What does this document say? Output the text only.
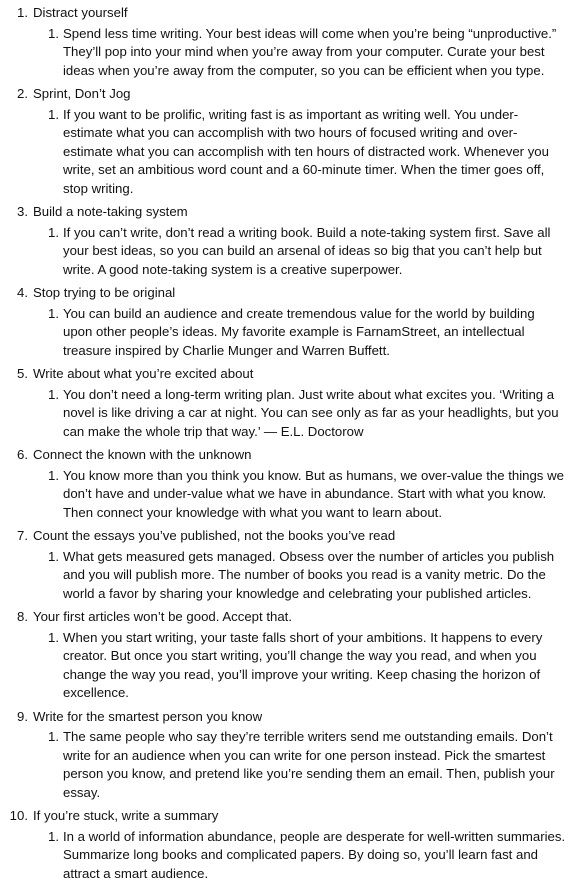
1. Distract yourself
1. Spend less time writing. Your best ideas will come when you’re being “unproductive.” They’ll pop into your mind when you’re away from your computer. Curate your best ideas when you’re away from the computer, so you can be efficient when you type.
2. Sprint, Don’t Jog
1. If you want to be prolific, writing fast is as important as writing well. You under-estimate what you can accomplish with two hours of focused writing and over-estimate what you can accomplish with ten hours of distracted work. Whenever you write, set an ambitious word count and a 60-minute timer. When the timer goes off, stop writing.
3. Build a note-taking system
1. If you can’t write, don’t read a writing book. Build a note-taking system first. Save all your best ideas, so you can build an arsenal of ideas so big that you can’t help but write. A good note-taking system is a creative superpower.
4. Stop trying to be original
1. You can build an audience and create tremendous value for the world by building upon other people’s ideas. My favorite example is FarnamStreet, an intellectual treasure inspired by Charlie Munger and Warren Buffett.
5. Write about what you’re excited about
1. You don’t need a long-term writing plan. Just write about what excites you. ‘Writing a novel is like driving a car at night. You can see only as far as your headlights, but you can make the whole trip that way.’ — E.L. Doctorow
6. Connect the known with the unknown
1. You know more than you think you know. But as humans, we over-value the things we don’t have and under-value what we have in abundance. Start with what you know. Then connect your knowledge with what you want to learn about.
7. Count the essays you’ve published, not the books you’ve read
1. What gets measured gets managed. Obsess over the number of articles you publish and you will publish more. The number of books you read is a vanity metric. Do the world a favor by sharing your knowledge and celebrating your published articles.
8. Your first articles won’t be good. Accept that.
1. When you start writing, your taste falls short of your ambitions. It happens to every creator. But once you start writing, you’ll change the way you read, and when you change the way you read, you’ll improve your writing. Keep chasing the horizon of excellence.
9. Write for the smartest person you know
1. The same people who say they’re terrible writers send me outstanding emails. Don’t write for an audience when you can write for one person instead. Pick the smartest person you know, and pretend like you’re sending them an email. Then, publish your essay.
10. If you’re stuck, write a summary
1. In a world of information abundance, people are desperate for well-written summaries. Summarize long books and complicated papers. By doing so, you’ll learn fast and attract a smart audience.
